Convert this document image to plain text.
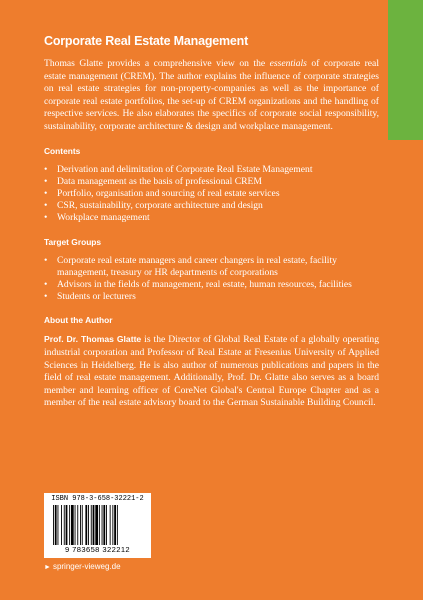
Corporate Real Estate Management

Thomas Glatte provides a comprehensive view on the essentials of corporate real estate management (CREM). The author explains the influence of corporate strategies on real estate strategies for non-property-companies as well as the importance of corporate real estate portfolios, the set-up of CREM organizations and the handling of respective services. He also elaborates the specifics of corporate social responsibility, sustainability, corporate architecture & design and workplace management.

Contents
• Derivation and delimitation of Corporate Real Estate Management
• Data management as the basis of professional CREM
• Portfolio, organisation and sourcing of real estate services
• CSR, sustainability, corporate architecture and design
• Workplace management
Target Groups
• Corporate real estate managers and career changers in real estate, facility management, treasury or HR departments of corporations
• Advisors in the fields of management, real estate, human resources, facilities
• Students or lecturers
About the Author

Prof. Dr. Thomas Glatte is the Director of Global Real Estate of a globally operating industrial corporation and Professor of Real Estate at Fresenius University of Applied Sciences in Heidelberg. He is also author of numerous publications and papers in the field of real estate management. Additionally, Prof. Dr. Glatte also serves as a board member and learning officer of CoreNet Global's Central Europe Chapter and as a member of the real estate advisory board to the German Sustainable Building Council.

ISBN 978-3-658-32221-2
9 783658 322212
► springer-vieweg.de
